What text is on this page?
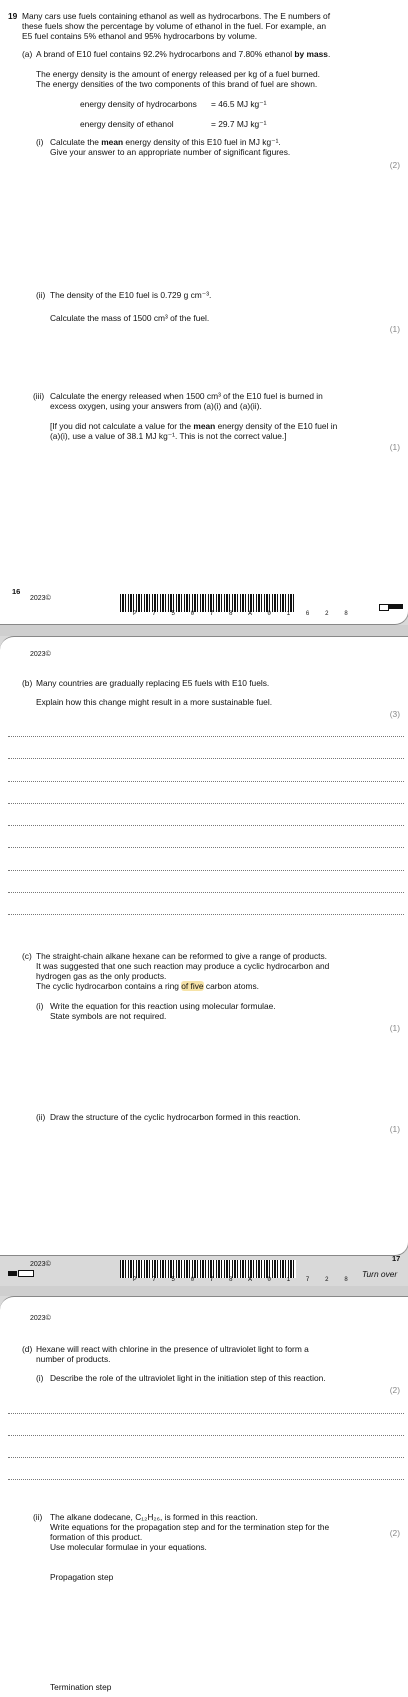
19 Many cars use fuels containing ethanol as well as hydrocarbons. The E numbers of
these fuels show the percentage by volume of ethanol in the fuel. For example, an
E5 fuel contains 5% ethanol and 95% hydrocarbons by volume.
(a) A brand of E10 fuel contains 92.2% hydrocarbons and 7.80% ethanol by mass.
The energy density is the amount of energy released per kg of a fuel burned.
The energy densities of the two components of this brand of fuel are shown.
energy density of hydrocarbons = 46.5 MJ kg⁻¹
energy density of ethanol	= 29.7 MJ kg⁻¹
(i) Calculate the mean energy density of this E10 fuel in MJ kg⁻¹.
Give your answer to an appropriate number of significant figures.
(2)
(ii) The density of the E10 fuel is 0.729 g cm⁻³.
Calculate the mass of 1500 cm³ of the fuel.
(1)
(iii) Calculate the energy released when 1500 cm³ of the E10 fuel is burned in
excess oxygen, using your answers from (a)(i) and (a)(ii).
[If you did not calculate a value for the mean energy density of the E10 fuel in
(a)(i), use a value of 38.1 MJ kg⁻¹. This is not the correct value.]
(1)
16
2023©
P 7 5 0 7 8 A 0 1 6 2 8
2023©
(b) Many countries are gradually replacing E5 fuels with E10 fuels.
Explain how this change might result in a more sustainable fuel.
(3)
(c) The straight-chain alkane hexane can be reformed to give a range of products.
It was suggested that one such reaction may produce a cyclic hydrocarbon and
hydrogen gas as the only products.
The cyclic hydrocarbon contains a ring of five carbon atoms.
(i) Write the equation for this reaction using molecular formulae.
State symbols are not required.
(1)
(ii) Draw the structure of the cyclic hydrocarbon formed in this reaction.
(1)
17
2023©
P 7 5 0 7 8 A 0 1 7 2 8
Turn over
2023©
(d) Hexane will react with chlorine in the presence of ultraviolet light to form a
number of products.
(i) Describe the role of the ultraviolet light in the initiation step of this reaction.
(2)
(ii) The alkane dodecane, C₁₂H₂₆, is formed in this reaction.
Write equations for the propagation step and for the termination step for the
formation of this product.
Use molecular formulae in your equations.
(2)
Propagation step
Termination step
